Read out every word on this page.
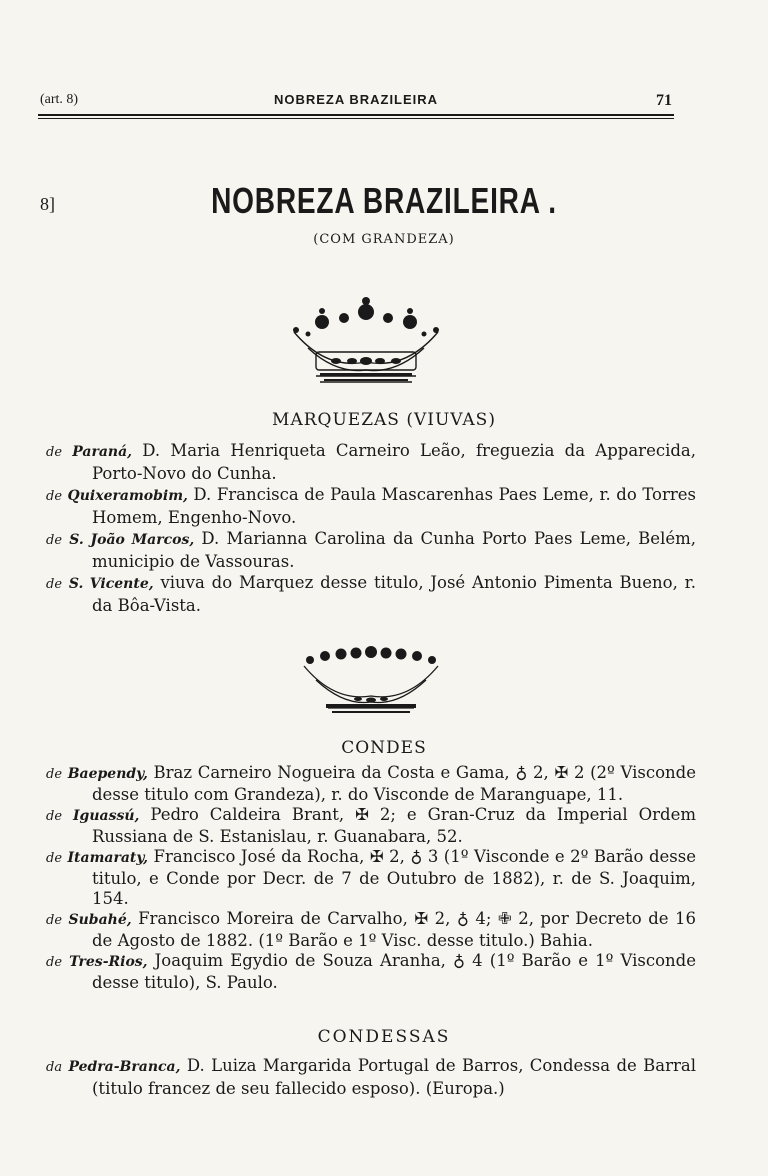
(art. 8)	NOBREZA BRAZILEIRA	71
8]	NOBREZA BRAZILEIRA .
(COM GRANDEZA)
MARQUEZAS (VIUVAS)

de Paraná, D. Maria Henriqueta Carneiro Leão, freguezia da Apparecida, Porto-Novo do Cunha.

de Quixeramobim, D. Francisca de Paula Mascarenhas Paes Leme, r. do Torres Homem, Engenho-Novo.

de S. João Marcos, D. Marianna Carolina da Cunha Porto Paes Leme, Belém, municipio de Vassouras.

de S. Vicente, viuva do Marquez desse titulo, José Antonio Pimenta Bueno, r. da Bôa-Vista.

CONDES

de Baependy, Braz Carneiro Nogueira da Costa e Gama, ♁ 2, ✠ 2 (2º Visconde desse titulo com Grandeza), r. do Visconde de Maranguape, 11.

de Iguassú, Pedro Caldeira Brant, ✠ 2; e Gran-Cruz da Imperial Ordem Russiana de S. Estanislau, r. Guanabara, 52.

de Itamaraty, Francisco José da Rocha, ✠ 2, ♁ 3 (1º Visconde e 2º Barão desse titulo, e Conde por Decr. de 7 de Outubro de 1882), r. de S. Joaquim, 154.

de Subahé, Francisco Moreira de Carvalho, ✠ 2, ♁ 4; ✙ 2, por Decreto de 16 de Agosto de 1882. (1º Barão e 1º Visc. desse titulo.) Bahia.

de Tres-Rios, Joaquim Egydio de Souza Aranha, ♁ 4 (1º Barão e 1º Visconde desse titulo), S. Paulo.

CONDESSAS

da Pedra-Branca, D. Luiza Margarida Portugal de Barros, Condessa de Barral (titulo francez de seu fallecido esposo). (Europa.)
